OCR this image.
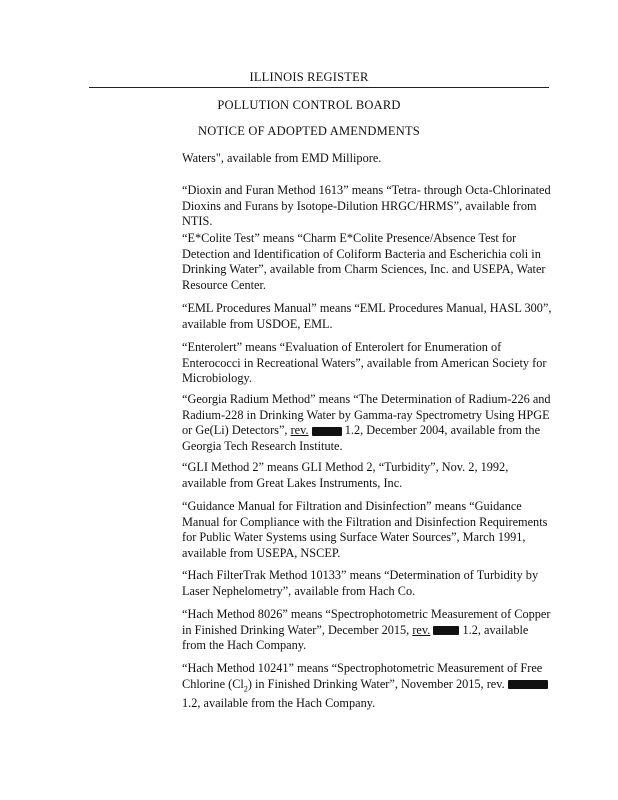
ILLINOIS REGISTER
POLLUTION CONTROL BOARD
NOTICE OF ADOPTED AMENDMENTS

Waters", available from EMD Millipore.

“Dioxin and Furan Method 1613” means “Tetra- through Octa-Chlorinated Dioxins and Furans by Isotope-Dilution HRGC/HRMS”, available from NTIS.

“E*Colite Test” means “Charm E*Colite Presence/Absence Test for Detection and Identification of Coliform Bacteria and Escherichia coli in Drinking Water”, available from Charm Sciences, Inc. and USEPA, Water Resource Center.

“EML Procedures Manual” means “EML Procedures Manual, HASL 300”, available from USDOE, EML.

“Enterolert” means “Evaluation of Enterolert for Enumeration of Enterococci in Recreational Waters”, available from American Society for Microbiology.

“Georgia Radium Method” means “The Determination of Radium-226 and Radium-228 in Drinking Water by Gamma-ray Spectrometry Using HPGE or Ge(Li) Detectors”, rev.	1.2, December 2004, available from the Georgia Tech Research Institute.

“GLI Method 2” means GLI Method 2, “Turbidity”, Nov. 2, 1992, available from Great Lakes Instruments, Inc.

“Guidance Manual for Filtration and Disinfection” means “Guidance Manual for Compliance with the Filtration and Disinfection Requirements for Public Water Systems using Surface Water Sources”, March 1991, available from USEPA, NSCEP.

“Hach FilterTrak Method 10133” means “Determination of Turbidity by Laser Nephelometry”, available from Hach Co.

“Hach Method 8026” means “Spectrophotometric Measurement of Copper in Finished Drinking Water”, December 2015, rev.	1.2, available from the Hach Company.

“Hach Method 10241” means “Spectrophotometric Measurement of Free Chlorine $(Cl_2)$ in Finished Drinking Water”, November 2015, rev.  1.2, available from the Hach Company.
